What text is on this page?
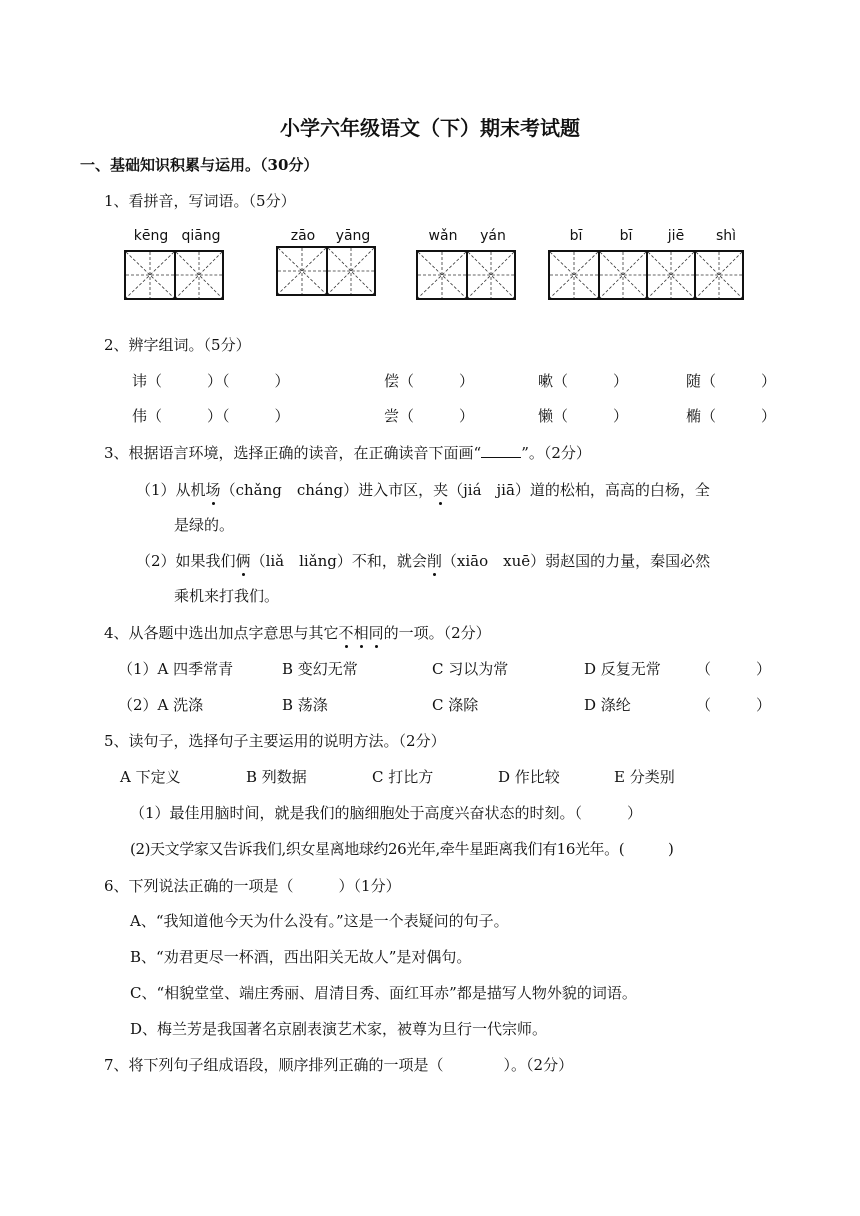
小学六年级语文（下）期末考试题
一、基础知识积累与运用。（30分）
1、看拼音，写词语。（5分）
kēng qiāng	zāo yāng	wǎn yán	bī	bī	jiē shì
2、辨字组词。（5分）
讳（　　　）（　　　）	偿（　　　）	嗽（　　　）	随（　　　）
伟（　　　）（　　　）	尝（　　　）	懒（　　　）	椭（　　　）
3、根据语言环境，选择正确的读音，在正确读音下面画“	”。（2分）
（1）从机场（chǎng　cháng）进入市区，夹（jiá　jiā）道的松柏，高高的白杨，全
是绿的。
（2）如果我们俩（liǎ　liǎng）不和，就会削（xiāo　xuē）弱赵国的力量，秦国必然
乘机来打我们。
4、从各题中选出加点字意思与其它不相同的一项。（2分）
（1）A 四季常青	B 变幻无常	C 习以为常	D 反复无常 （　　　）
（2）A 洗涤	B 荡涤	C 涤除	D 涤纶	（　　　）
5、读句子，选择句子主要运用的说明方法。（2分）
A 下定义	B 列数据	C 打比方	D 作比较	E 分类别
（1）最佳用脑时间，就是我们的脑细胞处于高度兴奋状态的时刻。（　　　）
(2)天文学家又告诉我们,织女星离地球约26光年,牵牛星距离我们有16光年。(　　　)
6、下列说法正确的一项是（　　　）（1分）
A、“我知道他今天为什么没有。”这是一个表疑问的句子。
B、“劝君更尽一杯酒，西出阳关无故人”是对偶句。
C、“相貌堂堂、端庄秀丽、眉清目秀、面红耳赤”都是描写人物外貌的词语。
D、梅兰芳是我国著名京剧表演艺术家，被尊为旦行一代宗师。
7、将下列句子组成语段，顺序排列正确的一项是（　　　　）。（2分）
